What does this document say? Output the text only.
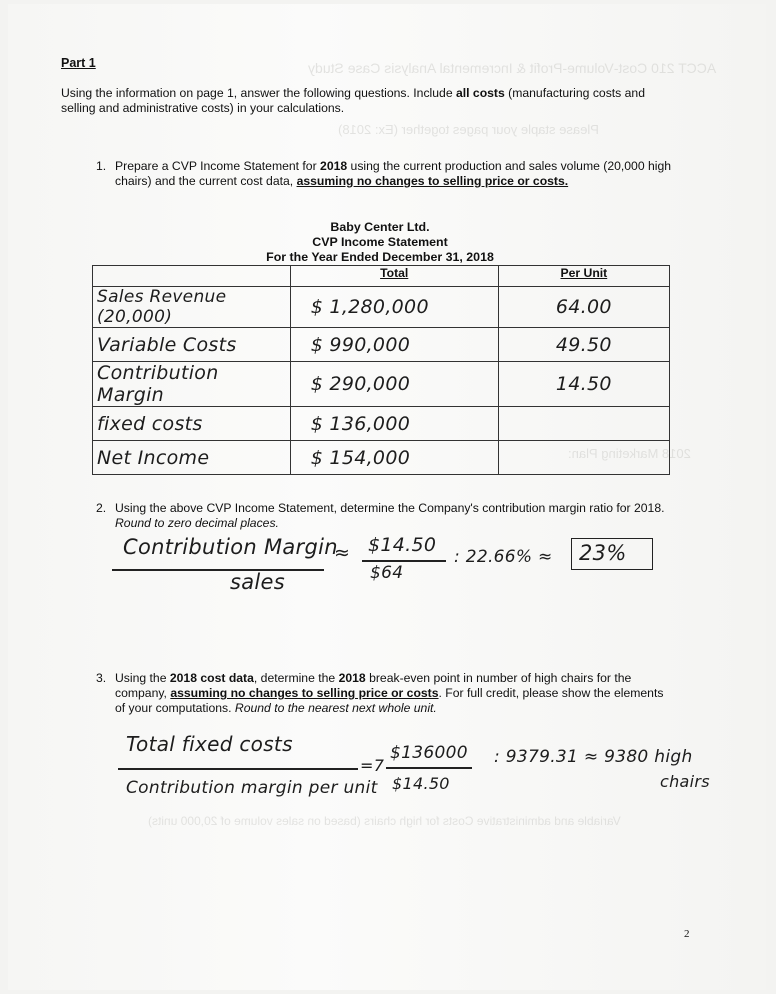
ACCT 210 Cost-Volume-Profit & Incremental Analysis Case Study
Please staple your pages together (Ex: 2018)
2018 Marketing Plan:
Variable and administrative Costs for high chairs (based on sales volume of 20,000 units)
Part 1
Using the information on page 1, answer the following questions. Include all costs (manufacturing costs and selling and administrative costs) in your calculations.
1. Prepare a CVP Income Statement for 2018 using the current production and sales volume (20,000 high chairs) and the current cost data, assuming no changes to selling price or costs.
Baby Center Ltd.
CVP Income Statement
For the Year Ended December 31, 2018
	Total	Per Unit
Sales Revenue (20,000)	$ 1,280,000	64.00
Variable Costs	$ 990,000	49.50
Contribution Margin	$ 290,000	14.50
fixed costs	$ 136,000	
Net Income	$ 154,000	
2. Using the above CVP Income Statement, determine the Company's contribution margin ratio for 2018. Round to zero decimal places.
Contribution Margin
sales
≈ $14.50
$64
: 22.66% ≈ 23%
3. Using the 2018 cost data, determine the 2018 break-even point in number of high chairs for the company, assuming no changes to selling price or costs. For full credit, please show the elements of your computations. Round to the nearest next whole unit.
Total fixed costs
Contribution margin per unit
=7
$136000
$14.50
: 9379.31 ≈ 9380 high
chairs
2
